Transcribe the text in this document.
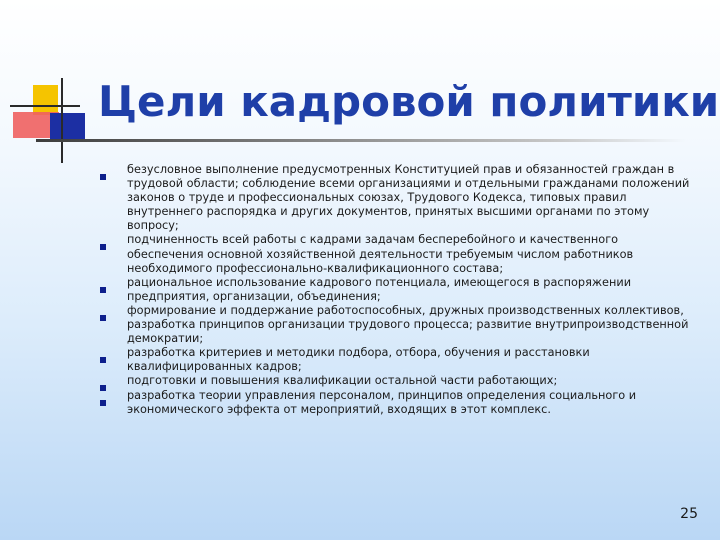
Цели кадровой политики
безусловное выполнение предусмотренных Конституцией прав и обязанностей граждан в трудовой области; соблюдение всеми организациями и отдельными гражданами положений законов о труде и профессиональных союзах, Трудового Кодекса, типовых правил внутреннего распорядка и других документов, принятых высшими органами по этому вопросу;
подчиненность всей работы с кадрами задачам бесперебойного и качественного обеспечения основной хозяйственной деятельности требуемым числом работников необходимого профессионально-квалификационного состава;
рациональное использование кадрового потенциала, имеющегося в распоряжении предприятия, организации, объединения;
формирование и поддержание работоспособных, дружных производственных коллективов, разработка принципов организации трудового процесса; развитие внутрипроизводственной демократии;
разработка критериев и методики подбора, отбора, обучения и расстановки квалифицированных кадров;
подготовки и повышения квалификации остальной части работающих;
разработка теории управления персоналом, принципов определения социального и экономического эффекта от мероприятий, входящих в этот комплекс.
25
